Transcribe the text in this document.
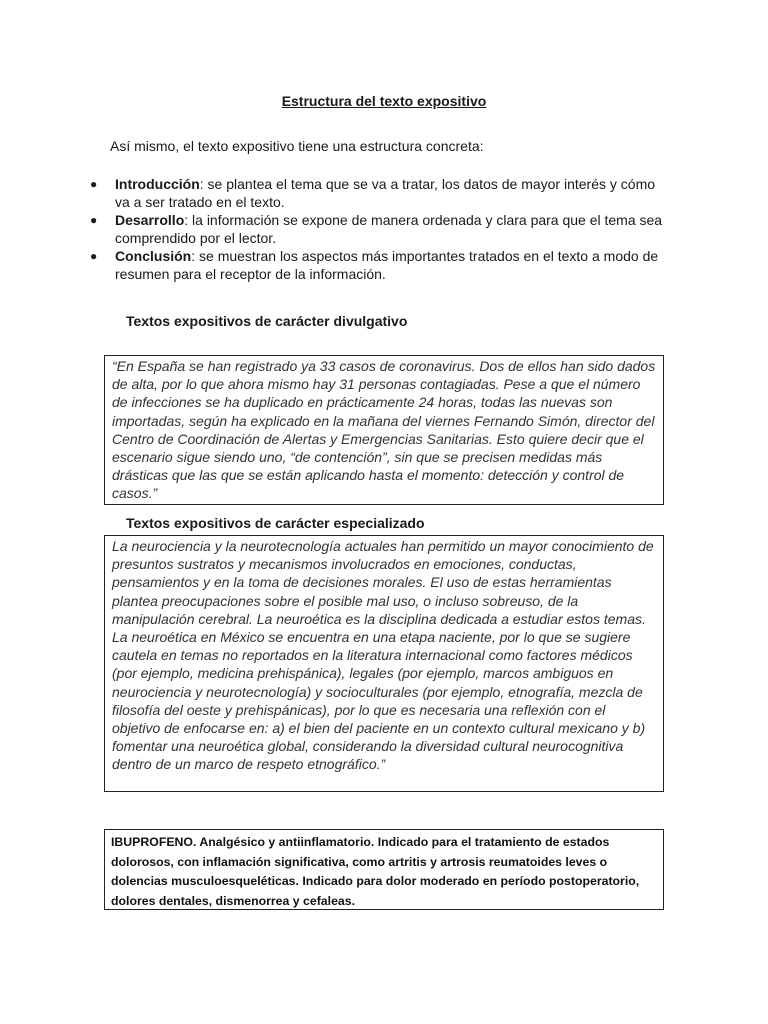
Estructura del texto expositivo
Así mismo, el texto expositivo tiene una estructura concreta:
● Introducción: se plantea el tema que se va a tratar, los datos de mayor interés y cómo va a ser tratado en el texto.
● Desarrollo: la información se expone de manera ordenada y clara para que el tema sea comprendido por el lector.
● Conclusión: se muestran los aspectos más importantes tratados en el texto a modo de resumen para el receptor de la información.
Textos expositivos de carácter divulgativo
“En España se han registrado ya 33 casos de coronavirus. Dos de ellos han sido dados de alta, por lo que ahora mismo hay 31 personas contagiadas. Pese a que el número de infecciones se ha duplicado en prácticamente 24 horas, todas las nuevas son importadas, según ha explicado en la mañana del viernes Fernando Simón, director del Centro de Coordinación de Alertas y Emergencias Sanitarias. Esto quiere decir que el escenario sigue siendo uno, “de contención”, sin que se precisen medidas más drásticas que las que se están aplicando hasta el momento: detección y control de casos.”
Textos expositivos de carácter especializado
La neurociencia y la neurotecnología actuales han permitido un mayor conocimiento de presuntos sustratos y mecanismos involucrados en emociones, conductas, pensamientos y en la toma de decisiones morales. El uso de estas herramientas plantea preocupaciones sobre el posible mal uso, o incluso sobreuso, de la manipulación cerebral. La neuroética es la disciplina dedicada a estudiar estos temas. La neuroética en México se encuentra en una etapa naciente, por lo que se sugiere cautela en temas no reportados en la literatura internacional como factores médicos (por ejemplo, medicina prehispánica), legales (por ejemplo, marcos ambiguos en neurociencia y neurotecnología) y socioculturales (por ejemplo, etnografía, mezcla de filosofía del oeste y prehispánicas), por lo que es necesaria una reflexión con el objetivo de enfocarse en: a) el bien del paciente en un contexto cultural mexicano y b) fomentar una neuroética global, considerando la diversidad cultural neurocognitiva dentro de un marco de respeto etnográfico.”
IBUPROFENO. Analgésico y antiinflamatorio. Indicado para el tratamiento de estados dolorosos, con inflamación significativa, como artritis y artrosis reumatoides leves o dolencias musculoesqueléticas. Indicado para dolor moderado en período postoperatorio, dolores dentales, dismenorrea y cefaleas.
